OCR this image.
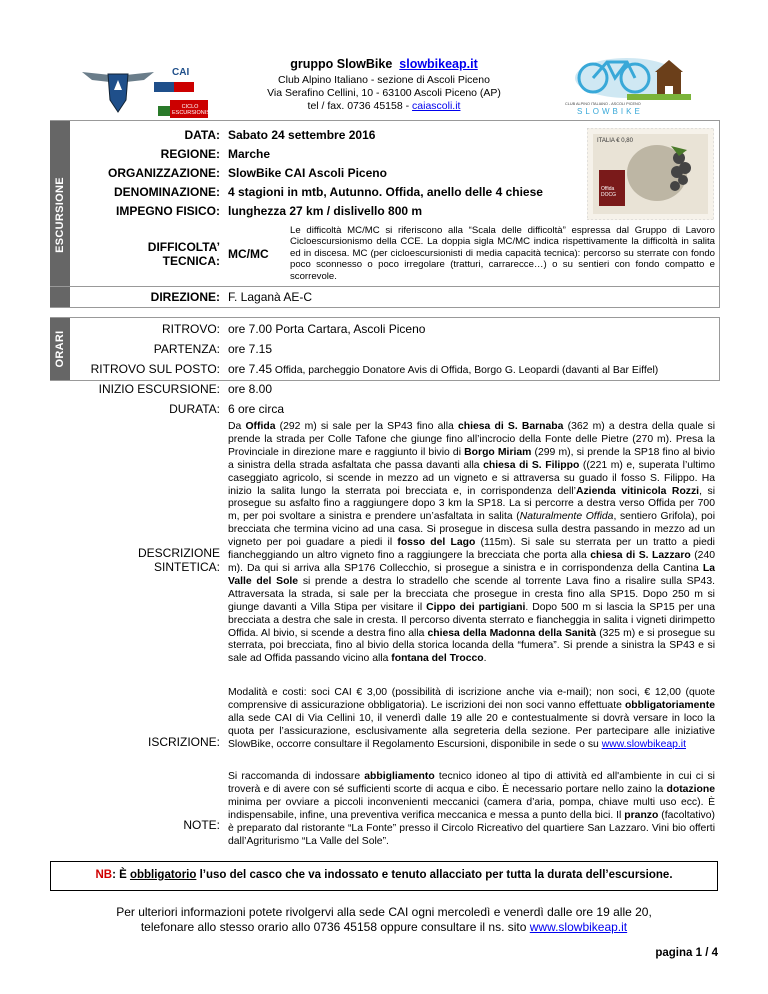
gruppo SlowBike slowbikeap.it
Club Alpino Italiano - sezione di Ascoli Piceno
Via Serafino Cellini, 10 - 63100 Ascoli Piceno (AP)
tel / fax. 0736 45158 - caiascoli.it
CAI
CICLO ESCURSIONISMO
CLUB ALPINO ITALIANO - ASCOLI PICENO
SLOWBIKE
ESCURSIONE
DATA: Sabato 24 settembre 2016
REGIONE: Marche
ORGANIZZAZIONE: SlowBike CAI Ascoli Piceno
DENOMINAZIONE: 4 stagioni in mtb, Autunno. Offida, anello delle 4 chiese
IMPEGNO FISICO: lunghezza 27 km / dislivello 800 m
DIFFICOLTA’
TECNICA: MC/MC
Le difficoltà MC/MC si riferiscono alla “Scala delle difficoltà” espressa dal Gruppo di Lavoro Cicloescursionismo della CCE. La doppia sigla MC/MC indica rispettivamente la difficoltà in salita ed in discesa. MC (per cicloescursionisti di media capacità tecnica): percorso su sterrate con fondo poco sconnesso o poco irregolare (tratturi, carrarecce…) o su sentieri con fondo compatto e scorrevole.
DIREZIONE: F. Laganà AE-C
ITALIA € 0,80
Offida DOCG
ORARI
RITROVO: ore 7.00 Porta Cartara, Ascoli Piceno
PARTENZA: ore 7.15
RITROVO SUL POSTO: ore 7.45 Offida, parcheggio Donatore Avis di Offida, Borgo G. Leopardi (davanti al Bar Eiffel)
INIZIO ESCURSIONE: ore 8.00
DURATA: 6 ore circa
DESCRIZIONE
SINTETICA:
Da Offida (292 m) si sale per la SP43 fino alla chiesa di S. Barnaba (362 m) a destra della quale si prende la strada per Colle Tafone che giunge fino all’incrocio della Fonte delle Pietre (270 m). Presa la Provinciale in direzione mare e raggiunto il bivio di Borgo Miriam (299 m), si prende la SP18 fino al bivio a sinistra della strada asfaltata che passa davanti alla chiesa di S. Filippo ((221 m) e, superata l’ultimo caseggiato agricolo, si scende in mezzo ad un vigneto e si attraversa su guado il fosso S. Filippo. Ha inizio la salita lungo la sterrata poi brecciata e, in corrispondenza dell’Azienda vitinicola Rozzi, si prosegue su asfalto fino a raggiungere dopo 3 km la SP18. La si percorre a destra verso Offida per 700 m, per poi svoltare a sinistra e prendere un’asfaltata in salita (Naturalmente Offida, sentiero Grifola), poi brecciata che termina vicino ad una casa. Si prosegue in discesa sulla destra passando in mezzo ad un vigneto per poi guadare a piedi il fosso del Lago (115m). Si sale su sterrata per un tratto a piedi fiancheggiando un altro vigneto fino a raggiungere la brecciata che porta alla chiesa di S. Lazzaro (240 m). Da qui si arriva alla SP176 Collecchio, si prosegue a sinistra e in corrispondenza della Cantina La Valle del Sole si prende a destra lo stradello che scende al torrente Lava fino a risalire sulla SP43. Attraversata la strada, si sale per la brecciata che prosegue in cresta fino alla SP15. Dopo 250 m si giunge davanti a Villa Stipa per visitare il Cippo dei partigiani. Dopo 500 m si lascia la SP15 per una brecciata a destra che sale in cresta. Il percorso diventa sterrato e fiancheggia in salita i vigneti dirimpetto Offida. Al bivio, si scende a destra fino alla chiesa della Madonna della Sanità (325 m) e si prosegue su sterrata, poi brecciata, fino al bivio della storica locanda della “fumera”. Si prende a sinistra la SP43 e si sale ad Offida passando vicino alla fontana del Trocco.
ISCRIZIONE:
Modalità e costi: soci CAI € 3,00 (possibilità di iscrizione anche via e-mail); non soci, € 12,00 (quote comprensive di assicurazione obbligatoria). Le iscrizioni dei non soci vanno effettuate obbligatoriamente alla sede CAI di Via Cellini 10, il venerdì dalle 19 alle 20 e contestualmente si dovrà versare in loco la quota per l’assicurazione, esclusivamente alla segreteria della sezione. Per partecipare alle iniziative SlowBike, occorre consultare il Regolamento Escursioni, disponibile in sede o su www.slowbikeap.it
NOTE:
Si raccomanda di indossare abbigliamento tecnico idoneo al tipo di attività ed all'ambiente in cui ci si troverà e di avere con sé sufficienti scorte di acqua e cibo. È necessario portare nello zaino la dotazione minima per ovviare a piccoli inconvenienti meccanici (camera d’aria, pompa, chiave multi uso ecc). È indispensabile, infine, una preventiva verifica meccanica e messa a punto della bici. Il pranzo (facoltativo) è preparato dal ristorante “La Fonte” presso il Circolo Ricreativo del quartiere San Lazzaro. Vini bio offerti dall’Agriturismo “La Valle del Sole”.
NB: È obbligatorio l’uso del casco che va indossato e tenuto allacciato per tutta la durata dell’escursione.
Per ulteriori informazioni potete rivolgervi alla sede CAI ogni mercoledì e venerdì dalle ore 19 alle 20,
telefonare allo stesso orario allo 0736 45158 oppure consultare il ns. sito www.slowbikeap.it
pagina 1 / 4
